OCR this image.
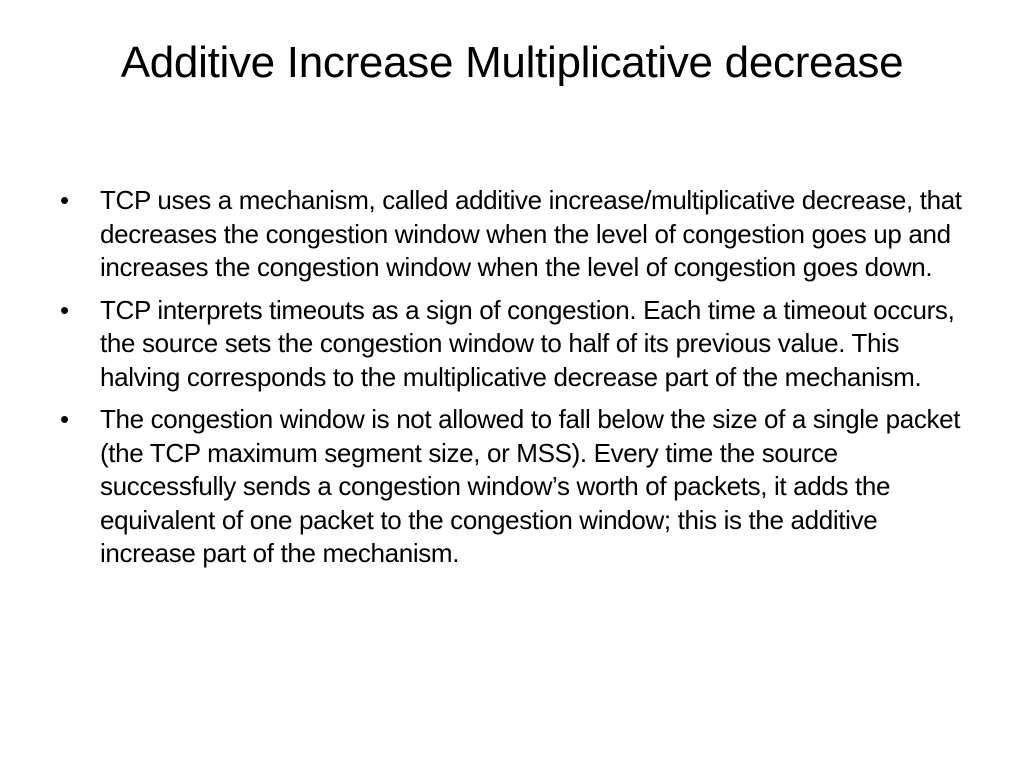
Additive Increase Multiplicative decrease
•	TCP uses a mechanism, called additive increase/multiplicative decrease, that decreases the congestion window when the level of congestion goes up and increases the congestion window when the level of congestion goes down.
•	TCP interprets timeouts as a sign of congestion. Each time a timeout occurs, the source sets the congestion window to half of its previous value. This halving corresponds to the multiplicative decrease part of the mechanism.
•	The congestion window is not allowed to fall below the size of a single packet (the TCP maximum segment size, or MSS). Every time the source successfully sends a congestion window’s worth of packets, it adds the equivalent of one packet to the congestion window; this is the additive increase part of the mechanism.
